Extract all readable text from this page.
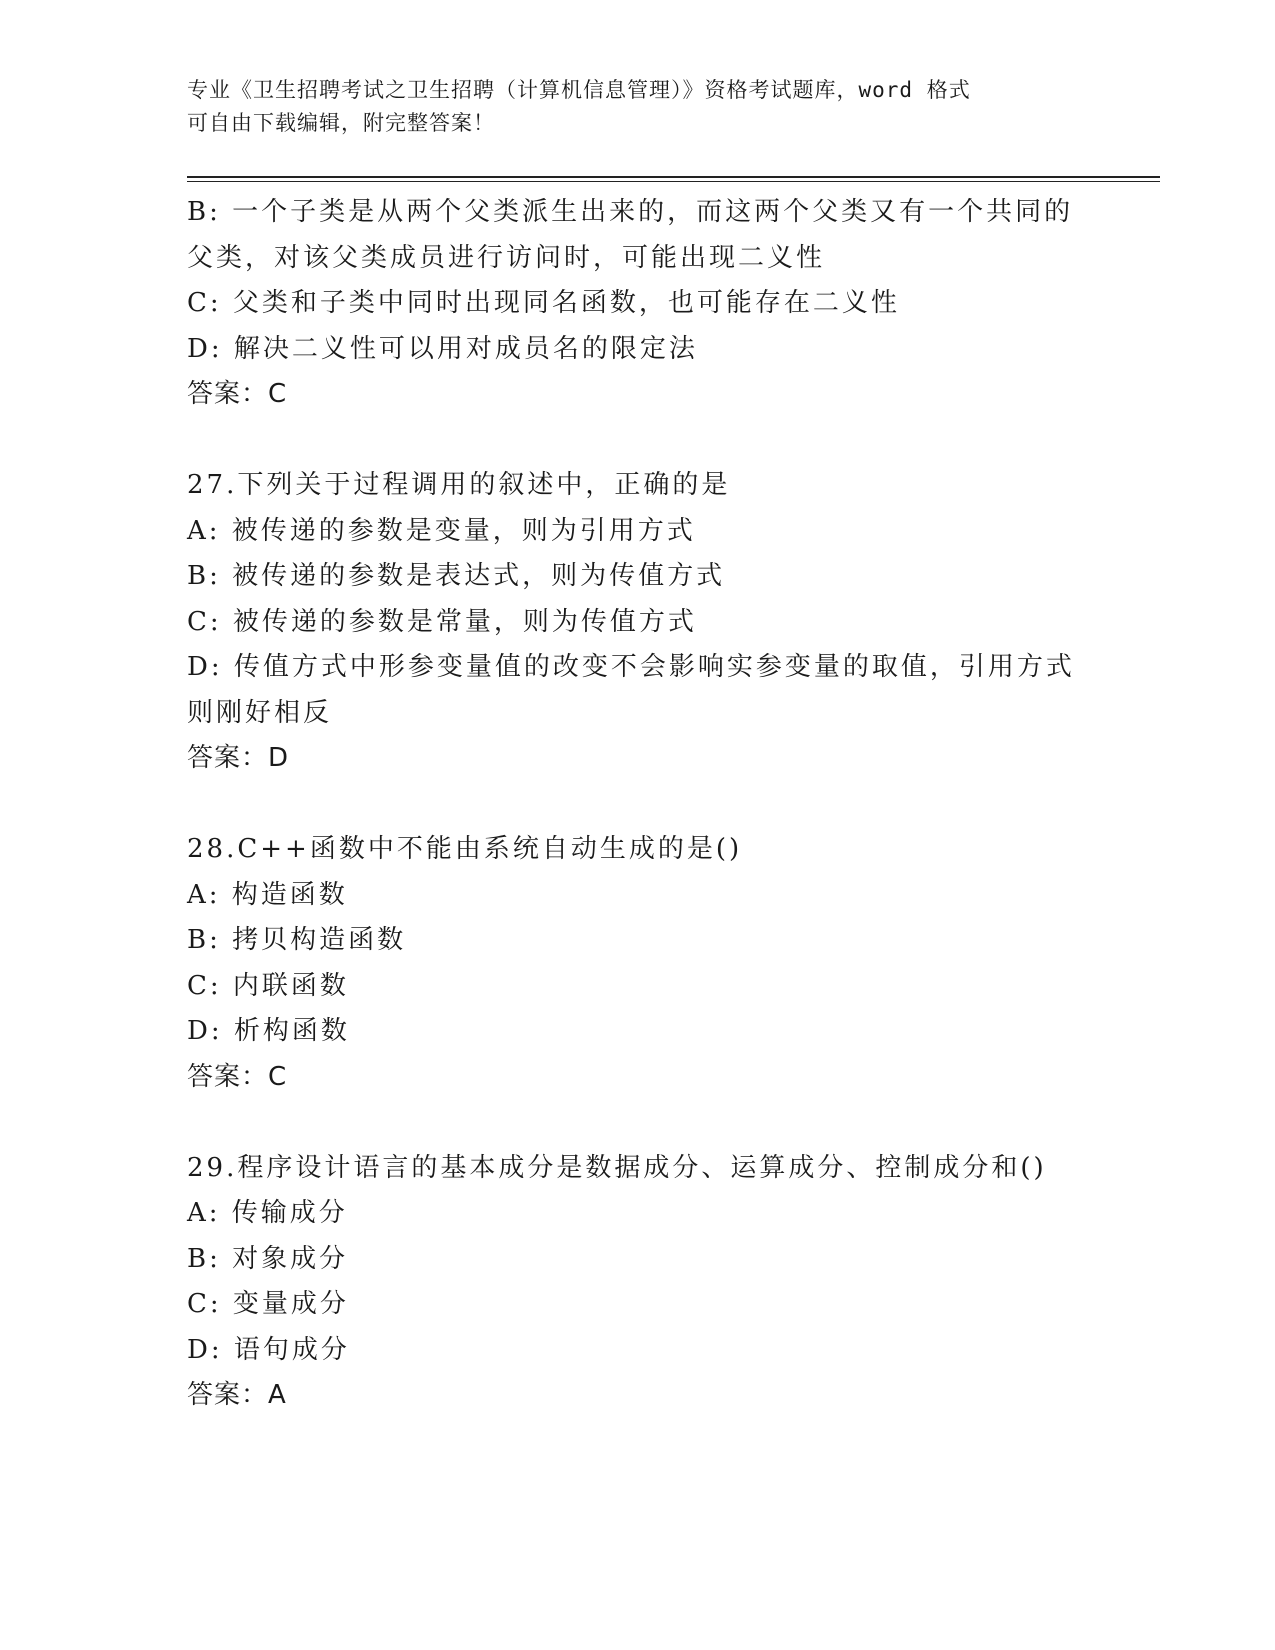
专业《卫生招聘考试之卫生招聘（计算机信息管理）》资格考试题库，word 格式
可自由下载编辑，附完整答案！
B: 一个子类是从两个父类派生出来的，而这两个父类又有一个共同的
父类，对该父类成员进行访问时，可能出现二义性
C: 父类和子类中同时出现同名函数，也可能存在二义性
D: 解决二义性可以用对成员名的限定法
答案：C
27.下列关于过程调用的叙述中，正确的是
A: 被传递的参数是变量，则为引用方式
B: 被传递的参数是表达式，则为传值方式
C: 被传递的参数是常量，则为传值方式
D: 传值方式中形参变量值的改变不会影响实参变量的取值，引用方式
则刚好相反
答案：D
28.C++函数中不能由系统自动生成的是()
A: 构造函数
B: 拷贝构造函数
C: 内联函数
D: 析构函数
答案：C
29.程序设计语言的基本成分是数据成分、运算成分、控制成分和()
A: 传输成分
B: 对象成分
C: 变量成分
D: 语句成分
答案：A
